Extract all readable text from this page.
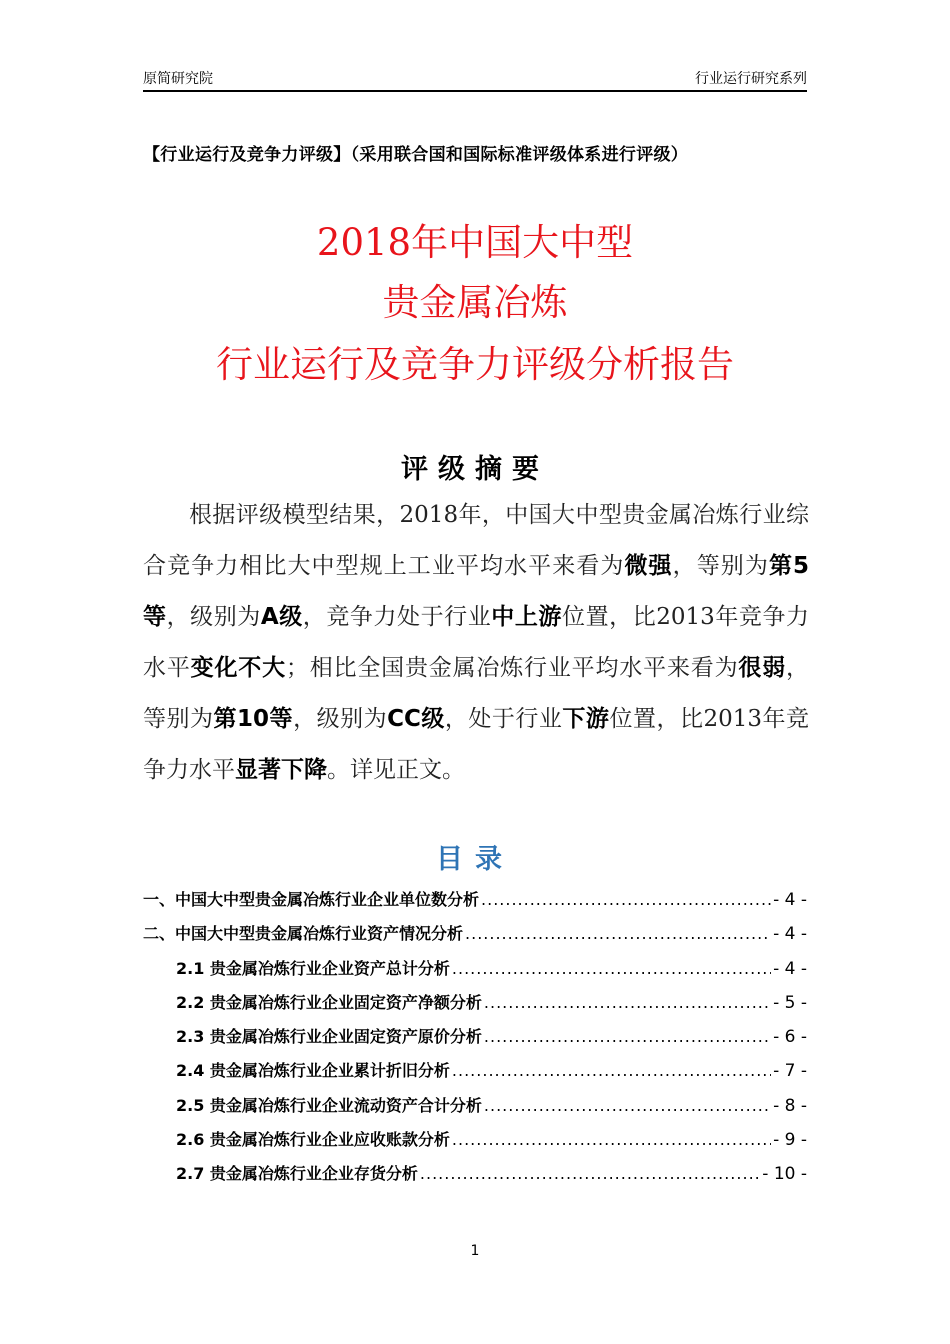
原简研究院	行业运行研究系列
【行业运行及竞争力评级】（采用联合国和国际标准评级体系进行评级）
2018年中国大中型
贵金属冶炼
行业运行及竞争力评级分析报告
评级摘要

根据评级模型结果，2018年，中国大中型贵金属冶炼行业综合竞争力相比大中型规上工业平均水平来看为微强，等别为第5等，级别为A级，竞争力处于行业中上游位置，比2013年竞争力水平变化不大；相比全国贵金属冶炼行业平均水平来看为很弱，等别为第10等，级别为CC级，处于行业下游位置，比2013年竞争力水平显著下降。详见正文。

目录
一、中国大中型贵金属冶炼行业企业单位数分析 .....	- 4 -
二、中国大中型贵金属冶炼行业资产情况分析 .....	- 4 -
2.1 贵金属冶炼行业企业资产总计分析 .....	- 4 -
2.2 贵金属冶炼行业企业固定资产净额分析 .....	- 5 -
2.3 贵金属冶炼行业企业固定资产原价分析 .....	- 6 -
2.4 贵金属冶炼行业企业累计折旧分析 .....	- 7 -
2.5 贵金属冶炼行业企业流动资产合计分析 .....	- 8 -
2.6 贵金属冶炼行业企业应收账款分析 .....	- 9 -
2.7 贵金属冶炼行业企业存货分析 .....	- 10 -
1
